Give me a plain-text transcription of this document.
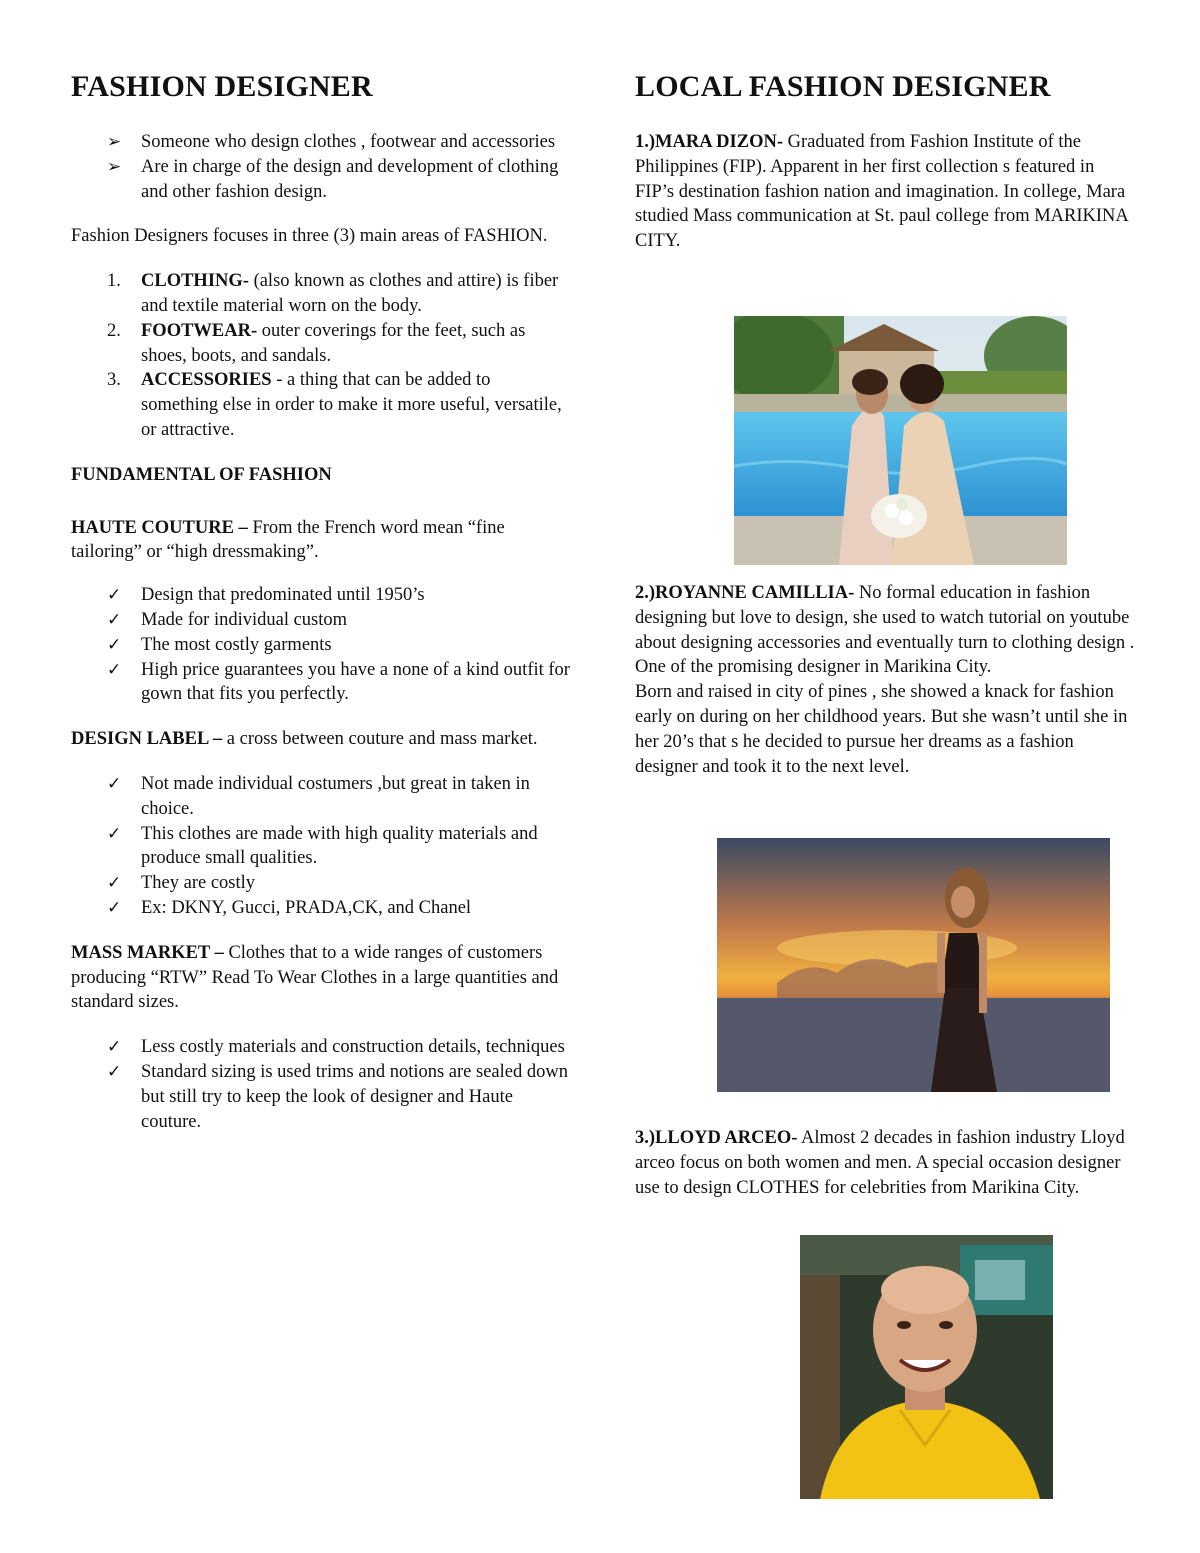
FASHION DESIGNER
➢ Someone who design clothes , footwear and accessories
➢ Are in charge of the design and development of clothing and other fashion design.

Fashion Designers focuses in three (3) main areas of FASHION.

1. CLOTHING- (also known as clothes and attire) is fiber and textile material worn on the body.
2. FOOTWEAR- outer coverings for the feet, such as shoes, boots, and sandals.
3. ACCESSORIES - a thing that can be added to something else in order to make it more useful, versatile, or attractive.

FUNDAMENTAL OF FASHION

HAUTE COUTURE – From the French word mean “fine tailoring” or “high dressmaking”.

✓ Design that predominated until 1950’s
✓ Made for individual custom
✓ The most costly garments
✓ High price guarantees you have a none of a kind outfit for gown that fits you perfectly.

DESIGN LABEL – a cross between couture and mass market.

✓ Not made individual costumers ,but great in taken in choice.
✓ This clothes are made with high quality materials and produce small qualities.
✓ They are costly
✓ Ex: DKNY, Gucci, PRADA,CK, and Chanel

MASS MARKET – Clothes that to a wide ranges of customers producing “RTW” Read To Wear Clothes in a large quantities and standard sizes.

✓ Less costly materials and construction details, techniques
✓ Standard sizing is used trims and notions are sealed down but still try to keep the look of designer and Haute couture.
LOCAL FASHION DESIGNER

1.)MARA DIZON- Graduated from Fashion Institute of the Philippines (FIP). Apparent in her first collection s featured in FIP’s destination fashion nation and imagination. In college, Mara studied Mass communication at St. paul college from MARIKINA CITY.

2.)ROYANNE CAMILLIA- No formal education in fashion designing but love to design, she used to watch tutorial on youtube about designing accessories and eventually turn to clothing design . One of the promising designer in Marikina City.

Born and raised in city of pines , she showed a knack for fashion early on during on her childhood years. But she wasn’t until she in her 20’s that s he decided to pursue her dreams as a fashion designer and took it to the next level.

3.)LLOYD ARCEO- Almost 2 decades in fashion industry Lloyd arceo focus on both women and men. A special occasion designer use to design CLOTHES for celebrities from Marikina City.
